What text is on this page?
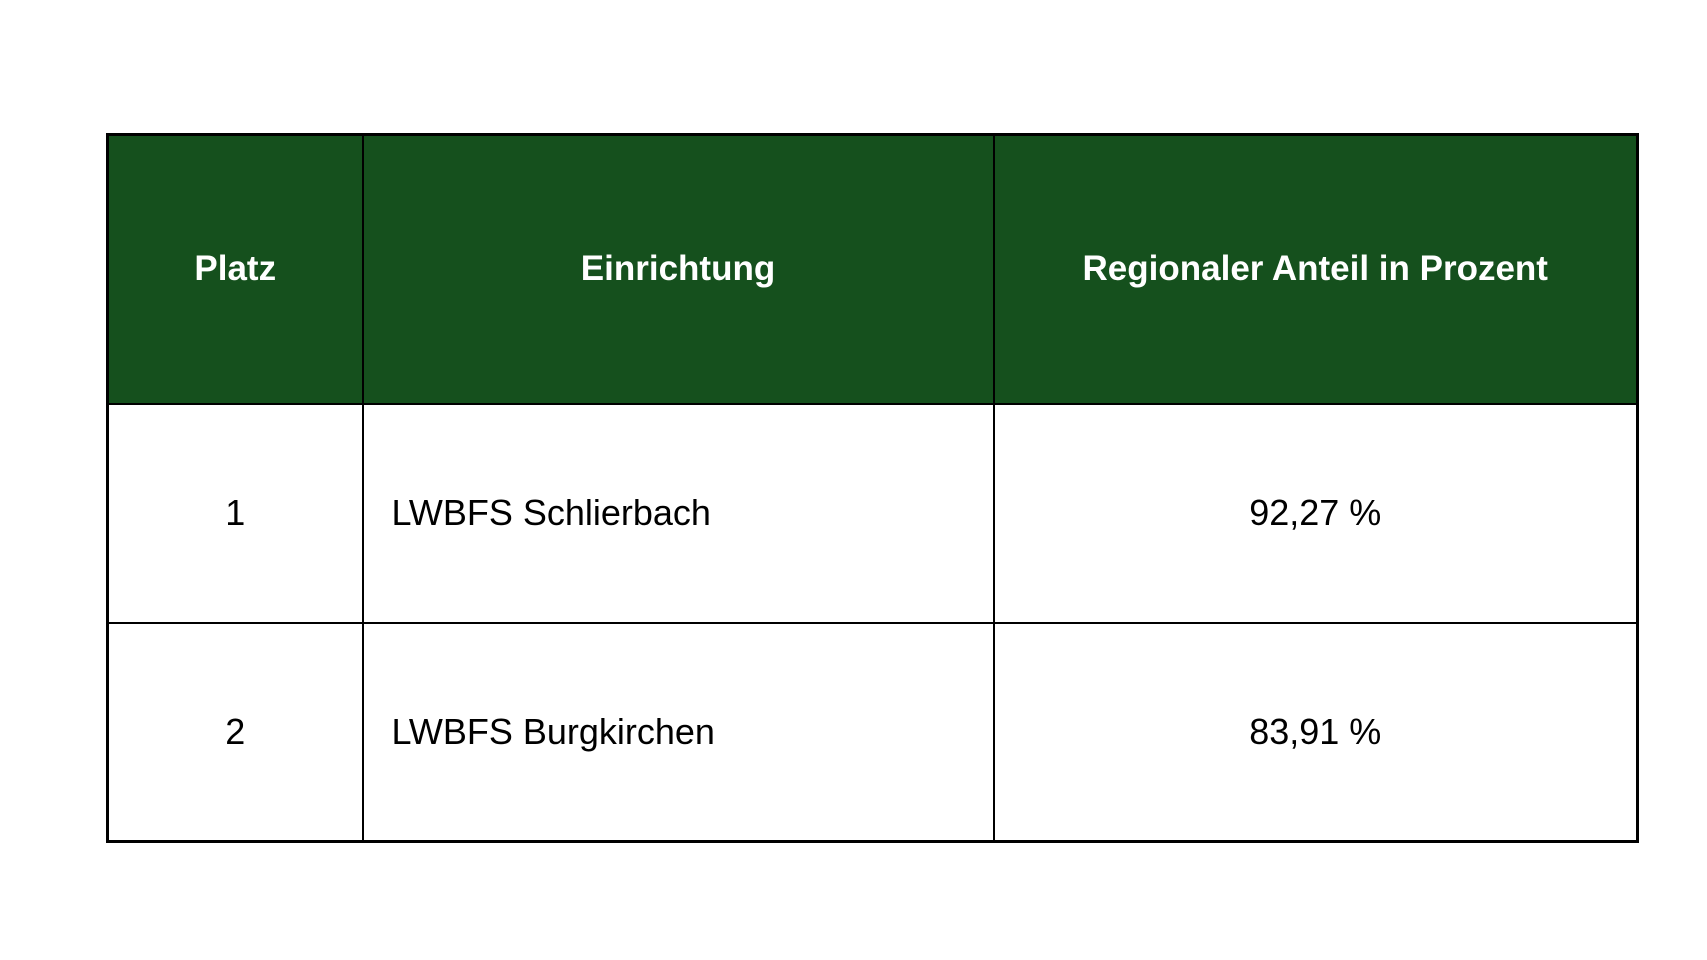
Platz	Einrichtung	Regionaler Anteil in Prozent
1	LWBFS Schlierbach	92,27 %
2	LWBFS Burgkirchen	83,91 %
